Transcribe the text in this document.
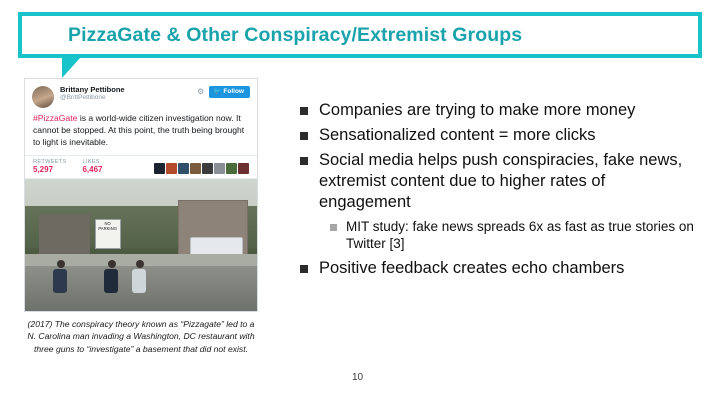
PizzaGate & Other Conspiracy/Extremist Groups
Brittany Pettibone
@BrittPettibone
⚙	🐦 Follow
#PizzaGate is a world-wide citizen investigation now. It cannot be stopped. At this point, the truth being brought to light is inevitable.
RETWEETS
5,297
LIKES
6,467
NO PARKING
(2017) The conspiracy theory known as “Pizzagate” led to a N. Carolina man invading a Washington, DC restaurant with three guns to “investigate” a basement that did not exist.
Companies are trying to make more money
Sensationalized content = more clicks
Social media helps push conspiracies, fake news, extremist content due to higher rates of engagement
MIT study: fake news spreads 6x as fast as true stories on Twitter [3]
Positive feedback creates echo chambers
10
